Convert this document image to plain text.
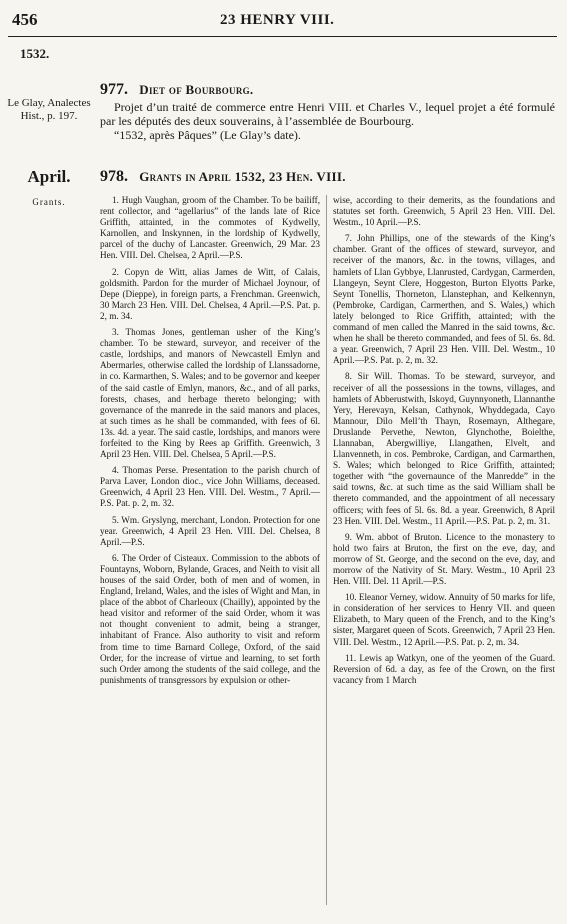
456	23 HENRY VIII.
1532.
Le Glay, Analectes Hist., p. 197.
977. Diet of Bourbourg.

Projet d’un traité de commerce entre Henri VIII. et Charles V., lequel projet a été formulé par les députés des deux souverains, à l’assemblée de Bourbourg.

“1532, après Pâques” (Le Glay’s date).

April.
Grants.
978. Grants in April 1532, 23 Hen. VIII.

1. Hugh Vaughan, groom of the Chamber. To be bailiff, rent collector, and “agellarius” of the lands late of Rice Griffith, attainted, in the commotes of Kydwelly, Karnollen, and Inskynnen, in the lordship of Kydwelly, parcel of the duchy of Lancaster. Greenwich, 29 Mar. 23 Hen. VIII. Del. Chelsea, 2 April.—P.S.

2. Copyn de Witt, alias James de Witt, of Calais, goldsmith. Pardon for the murder of Michael Joynour, of Depe (Dieppe), in foreign parts, a Frenchman. Greenwich, 30 March 23 Hen. VIII. Del. Chelsea, 4 April.—P.S. Pat. p. 2, m. 34.

3. Thomas Jones, gentleman usher of the King’s chamber. To be steward, surveyor, and receiver of the castle, lordships, and manors of Newcastell Emlyn and Abermarles, otherwise called the lordship of Llanssadorne, in co. Karmarthen, S. Wales; and to be governor and keeper of the said castle of Emlyn, manors, &c., and of all parks, forests, chases, and herbage thereto belonging; with governance of the manrede in the said manors and places, at such times as he shall be commanded, with fees of 6l. 13s. 4d. a year. The said castle, lordships, and manors were forfeited to the King by Rees ap Griffith. Greenwich, 3 April 23 Hen. VIII. Del. Chelsea, 5 April.—P.S.

4. Thomas Perse. Presentation to the parish church of Parva Laver, London dioc., vice John Williams, deceased. Greenwich, 4 April 23 Hen. VIII. Del. Westm., 7 April.—P.S. Pat. p. 2, m. 32.

5. Wm. Gryslyng, merchant, London. Protection for one year. Greenwich, 4 April 23 Hen. VIII. Del. Chelsea, 8 April.—P.S.

6. The Order of Cisteaux. Commission to the abbots of Fountayns, Woborn, Bylande, Graces, and Neith to visit all houses of the said Order, both of men and of women, in England, Ireland, Wales, and the isles of Wight and Man, in place of the abbot of Charleoux (Chailly), appointed by the head visitor and reformer of the said Order, whom it was not thought convenient to admit, being a stranger, inhabitant of France. Also authority to visit and reform from time to time Barnard College, Oxford, of the said Order, for the increase of virtue and learning, to set forth such Order among the students of the said college, and the punishments of transgressors by expulsion or other-

wise, according to their demerits, as the foundations and statutes set forth. Greenwich, 5 April 23 Hen. VIII. Del. Westm., 10 April.—P.S.

7. John Phillips, one of the stewards of the King’s chamber. Grant of the offices of steward, surveyor, and receiver of the manors, &c. in the towns, villages, and hamlets of Llan Gybbye, Llanrusted, Cardygan, Carmerden, Llangeyn, Seynt Clere, Hoggeston, Burton Elyotts Parke, Seynt Tonellis, Thorneton, Llanstephan, and Kelkennyn, (Pembroke, Cardigan, Carmerthen, and S. Wales,) which lately belonged to Rice Griffith, attainted; with the command of men called the Manred in the said towns, &c. when he shall be thereto commanded, and fees of 5l. 6s. 8d. a year. Greenwich, 7 April 23 Hen. VIII. Del. Westm., 10 April.—P.S. Pat. p. 2, m. 32.

8. Sir Will. Thomas. To be steward, surveyor, and receiver of all the possessions in the towns, villages, and hamlets of Abberustwith, Iskoyd, Guynnyoneth, Llannanthe Yery, Herevayn, Kelsan, Cathynok, Whyddegada, Cayo Mannour, Dilo Mell’th Thayn, Rosemayn, Althegare, Druslande Pervethe, Newton, Glynchothe, Boielthe, Llannaban, Abergwilliye, Llangathen, Elvelt, and Llanvenneth, in cos. Pembroke, Cardigan, and Carmarthen, S. Wales; which belonged to Rice Griffith, attainted; together with “the governaunce of the Manredde” in the said towns, &c. at such time as the said William shall be thereto commanded, and the appointment of all necessary officers; with fees of 5l. 6s. 8d. a year. Greenwich, 8 April 23 Hen. VIII. Del. Westm., 11 April.—P.S. Pat. p. 2, m. 31.

9. Wm. abbot of Bruton. Licence to the monastery to hold two fairs at Bruton, the first on the eve, day, and morrow of St. George, and the second on the eve, day, and morrow of the Nativity of St. Mary. Westm., 10 April 23 Hen. VIII. Del. 11 April.—P.S.

10. Eleanor Verney, widow. Annuity of 50 marks for life, in consideration of her services to Henry VII. and queen Elizabeth, to Mary queen of the French, and to the King’s sister, Margaret queen of Scots. Greenwich, 7 April 23 Hen. VIII. Del. Westm., 12 April.—P.S. Pat. p. 2, m. 34.

11. Lewis ap Watkyn, one of the yeomen of the Guard. Reversion of 6d. a day, as fee of the Crown, on the first vacancy from 1 March
